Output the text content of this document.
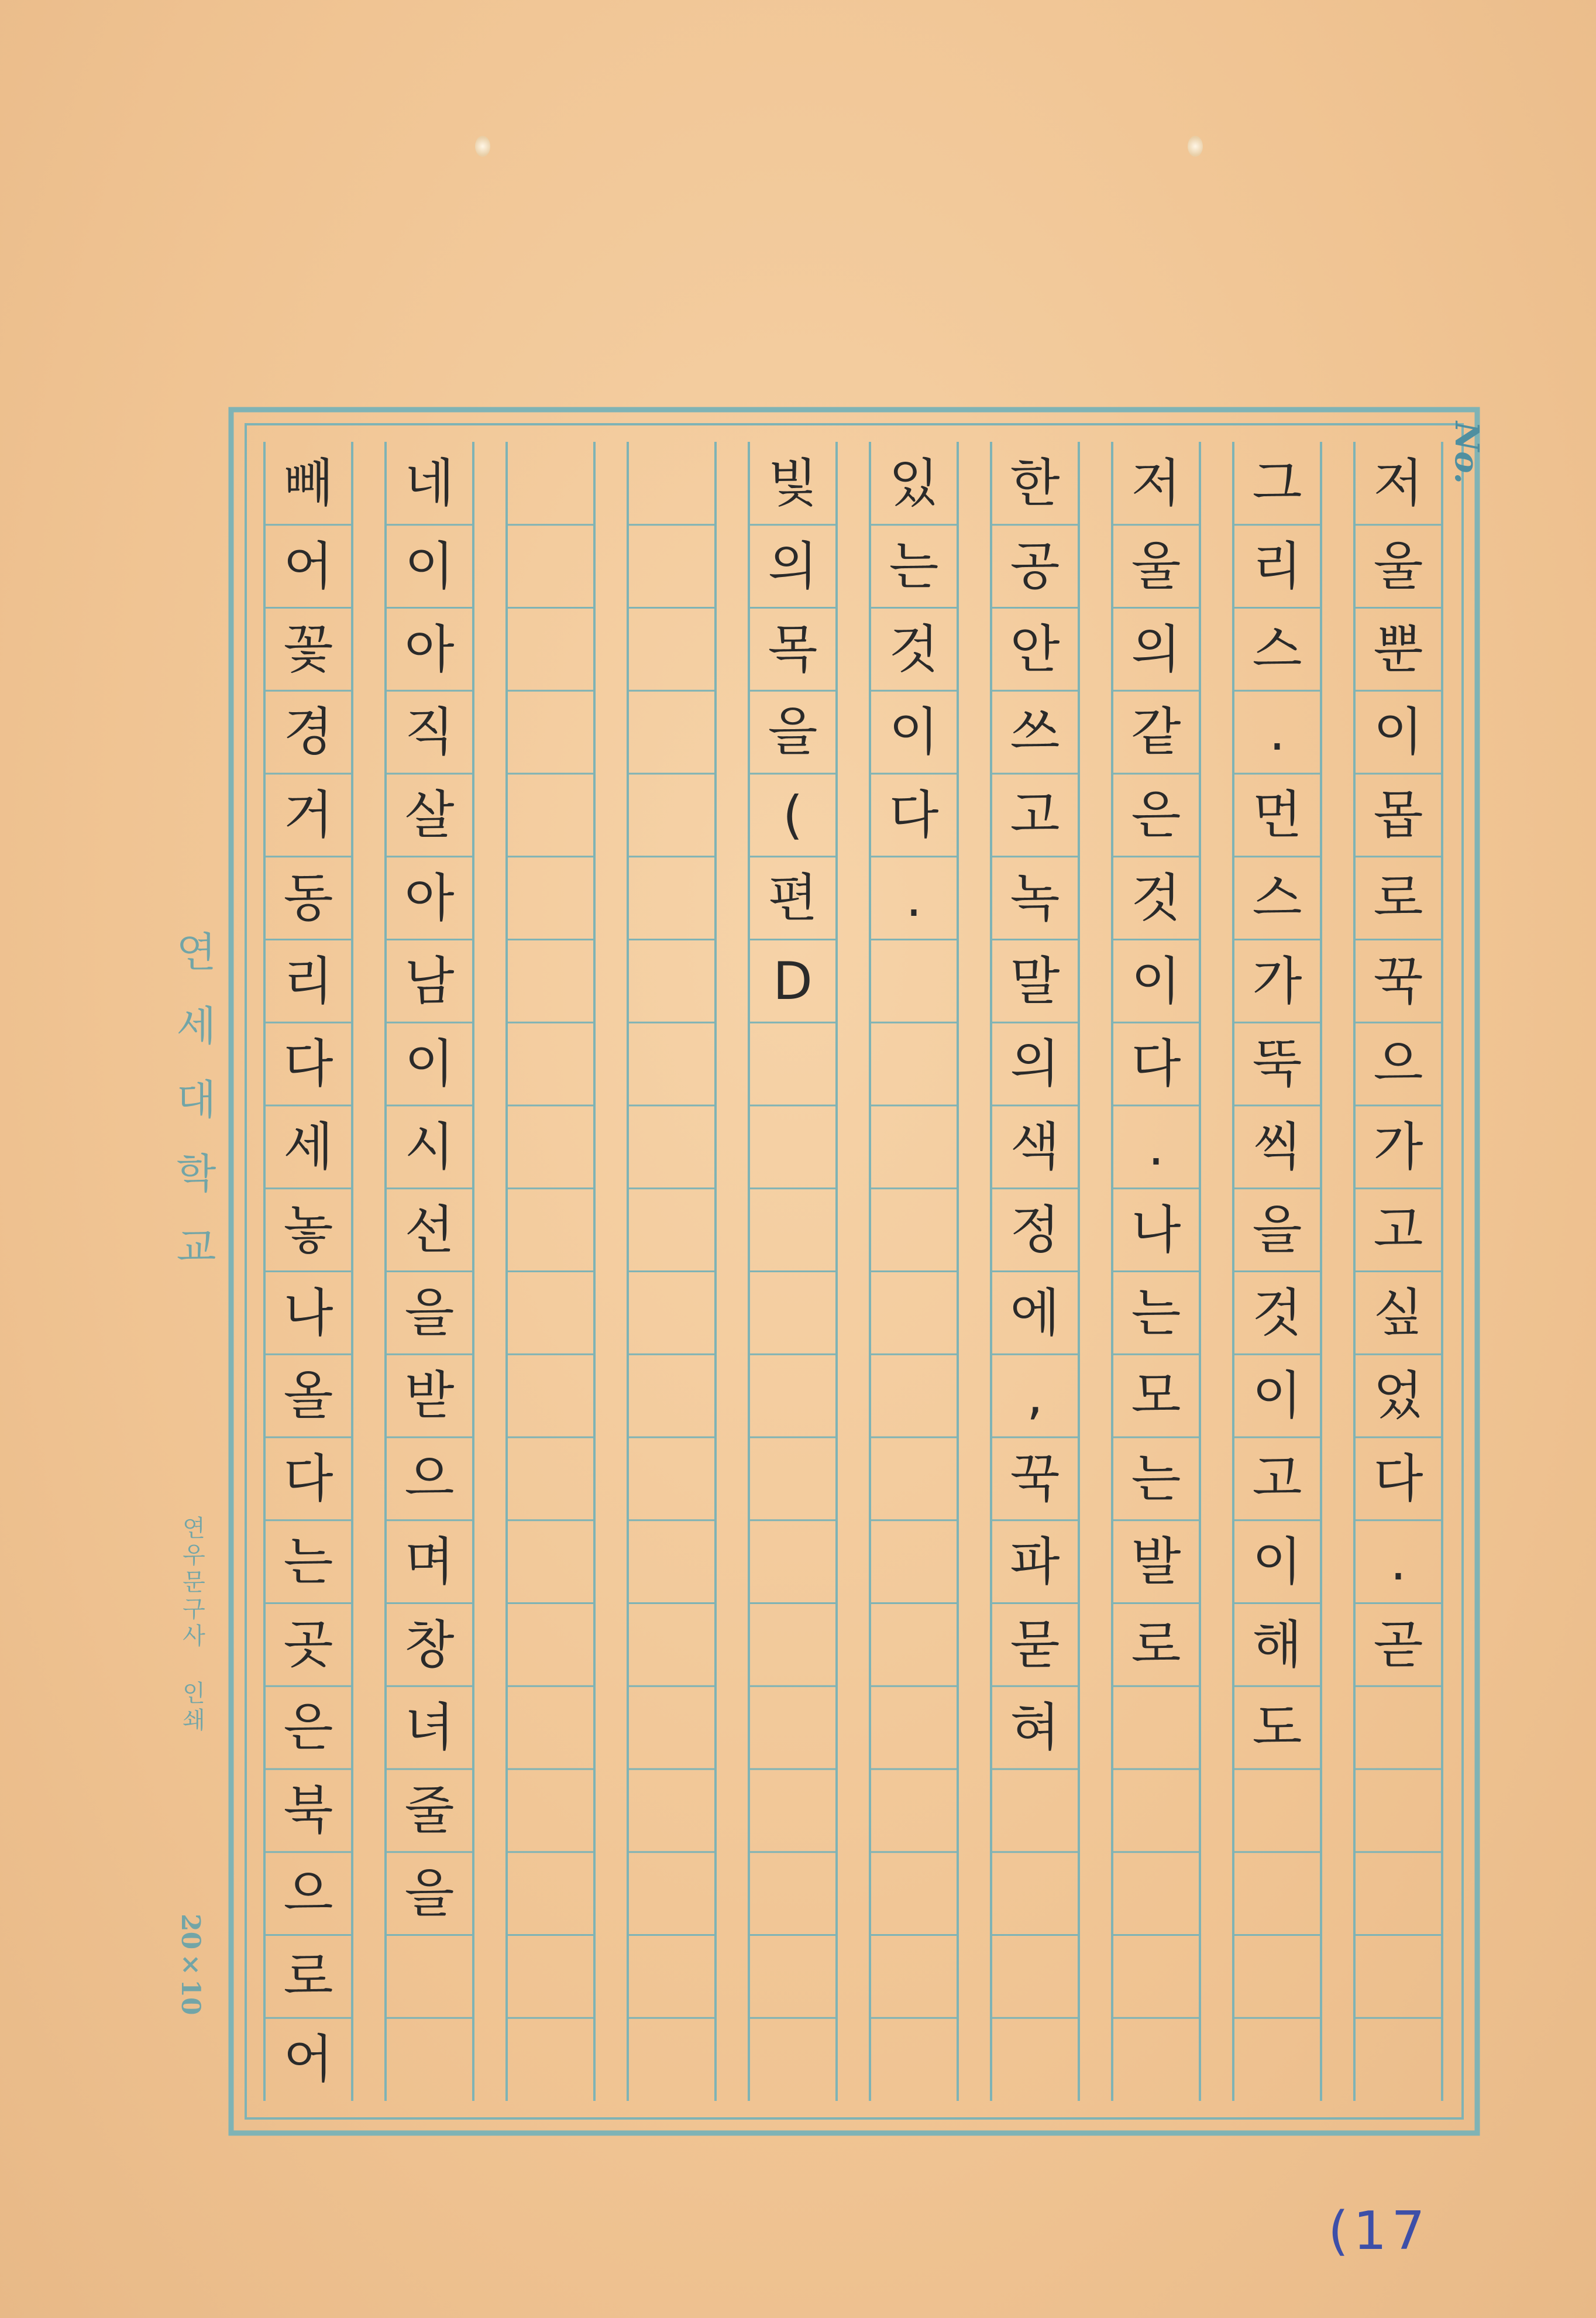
No.
연세대학교
연우문구사 인쇄
20×10
저
울
뿐
이
몹
로
꾹
으
가
고
싶
었
다
.
곧
그
리
스
.
먼
스
가
뚝
씩
을
것
이
고
이
해
도
저
울
의
같
은
것
이
다
.
나
는
모
는
발
로
한
공
안
쓰
고
녹
말
의
색
정
에
,
꾹
파
묻
혀
있
는
것
이
다
.
빛
의
목
을
(
편
D
네
이
아
직
살
아
남
이
시
선
을
받
으
며
창
녀
줄
을
빼
어
꽃
경
거
동
리
다
세
놓
나
올
다
는
곳
은
북
으
로
어
(17
